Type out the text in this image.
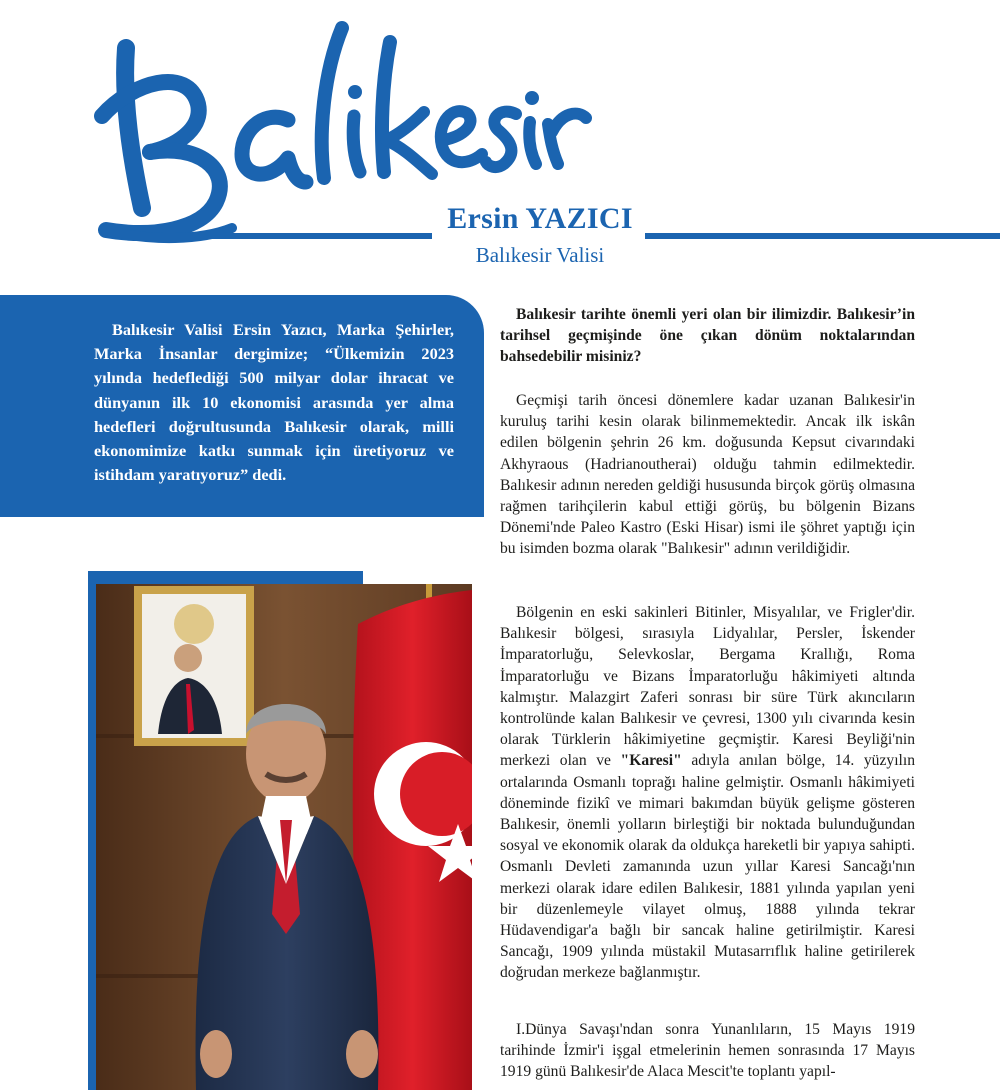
Ersin YAZICI
Balıkesir Valisi

Balıkesir Valisi Ersin Yazıcı, Marka Şehirler, Marka İnsanlar dergimize; “Ülkemizin 2023 yılında hedeflediği 500 milyar dolar ihracat ve dünyanın ilk 10 ekonomisi arasında yer alma hedefleri doğrultusunda Balıkesir olarak, milli ekonomimize katkı sunmak için üretiyoruz ve istihdam yaratıyoruz” dedi.

Balıkesir tarihte önemli yeri olan bir ilimizdir. Balıkesir’in tarihsel geçmişinde öne çıkan dönüm noktalarından bahsedebilir misiniz?

Geçmişi tarih öncesi dönemlere kadar uzanan Balıkesir'in kuruluş tarihi kesin olarak bilinmemektedir. Ancak ilk iskân edilen bölgenin şehrin 26 km. doğusunda Kepsut civarındaki Akhyraous (Hadrianoutherai) olduğu tahmin edilmektedir. Balıkesir adının nereden geldiği hususunda birçok görüş olmasına rağmen tarihçilerin kabul ettiği görüş, bu bölgenin Bizans Dönemi'nde Paleo Kastro (Eski Hisar) ismi ile şöhret yaptığı için bu isimden bozma olarak "Balıkesir" adının verildiğidir.

Bölgenin en eski sakinleri Bitinler, Misyalılar, ve Frigler'dir. Balıkesir bölgesi, sırasıyla Lidyalılar, Persler, İskender İmparatorluğu, Selevkoslar, Bergama Krallığı, Roma İmparatorluğu ve Bizans İmparatorluğu hâkimiyeti altında kalmıştır. Malazgirt Zaferi sonrası bir süre Türk akıncıların kontrolünde kalan Balıkesir ve çevresi, 1300 yılı civarında kesin olarak Türklerin hâkimiyetine geçmiştir. Karesi Beyliği'nin merkezi olan ve "Karesi" adıyla anılan bölge, 14. yüzyılın ortalarında Osmanlı toprağı haline gelmiştir. Osmanlı hâkimiyeti döneminde fizikî ve mimari bakımdan büyük gelişme gösteren Balıkesir, önemli yolların birleştiği bir noktada bulunduğundan sosyal ve ekonomik olarak da oldukça hareketli bir yapıya sahipti. Osmanlı Devleti zamanında uzun yıllar Karesi Sancağı'nın merkezi olarak idare edilen Balıkesir, 1881 yılında yapılan yeni bir düzenlemeyle vilayet olmuş, 1888 yılında tekrar Hüdavendigar'a bağlı bir sancak haline getirilmiştir. Karesi Sancağı, 1909 yılında müstakil Mutasarrıflık haline getirilerek doğrudan merkeze bağlanmıştır.

I.Dünya Savaşı'ndan sonra Yunanlıların, 15 Mayıs 1919 tarihinde İzmir'i işgal etmelerinin hemen sonrasında 17 Mayıs 1919 günü Balıkesir'de Alaca Mescit'te toplantı yapıl-
